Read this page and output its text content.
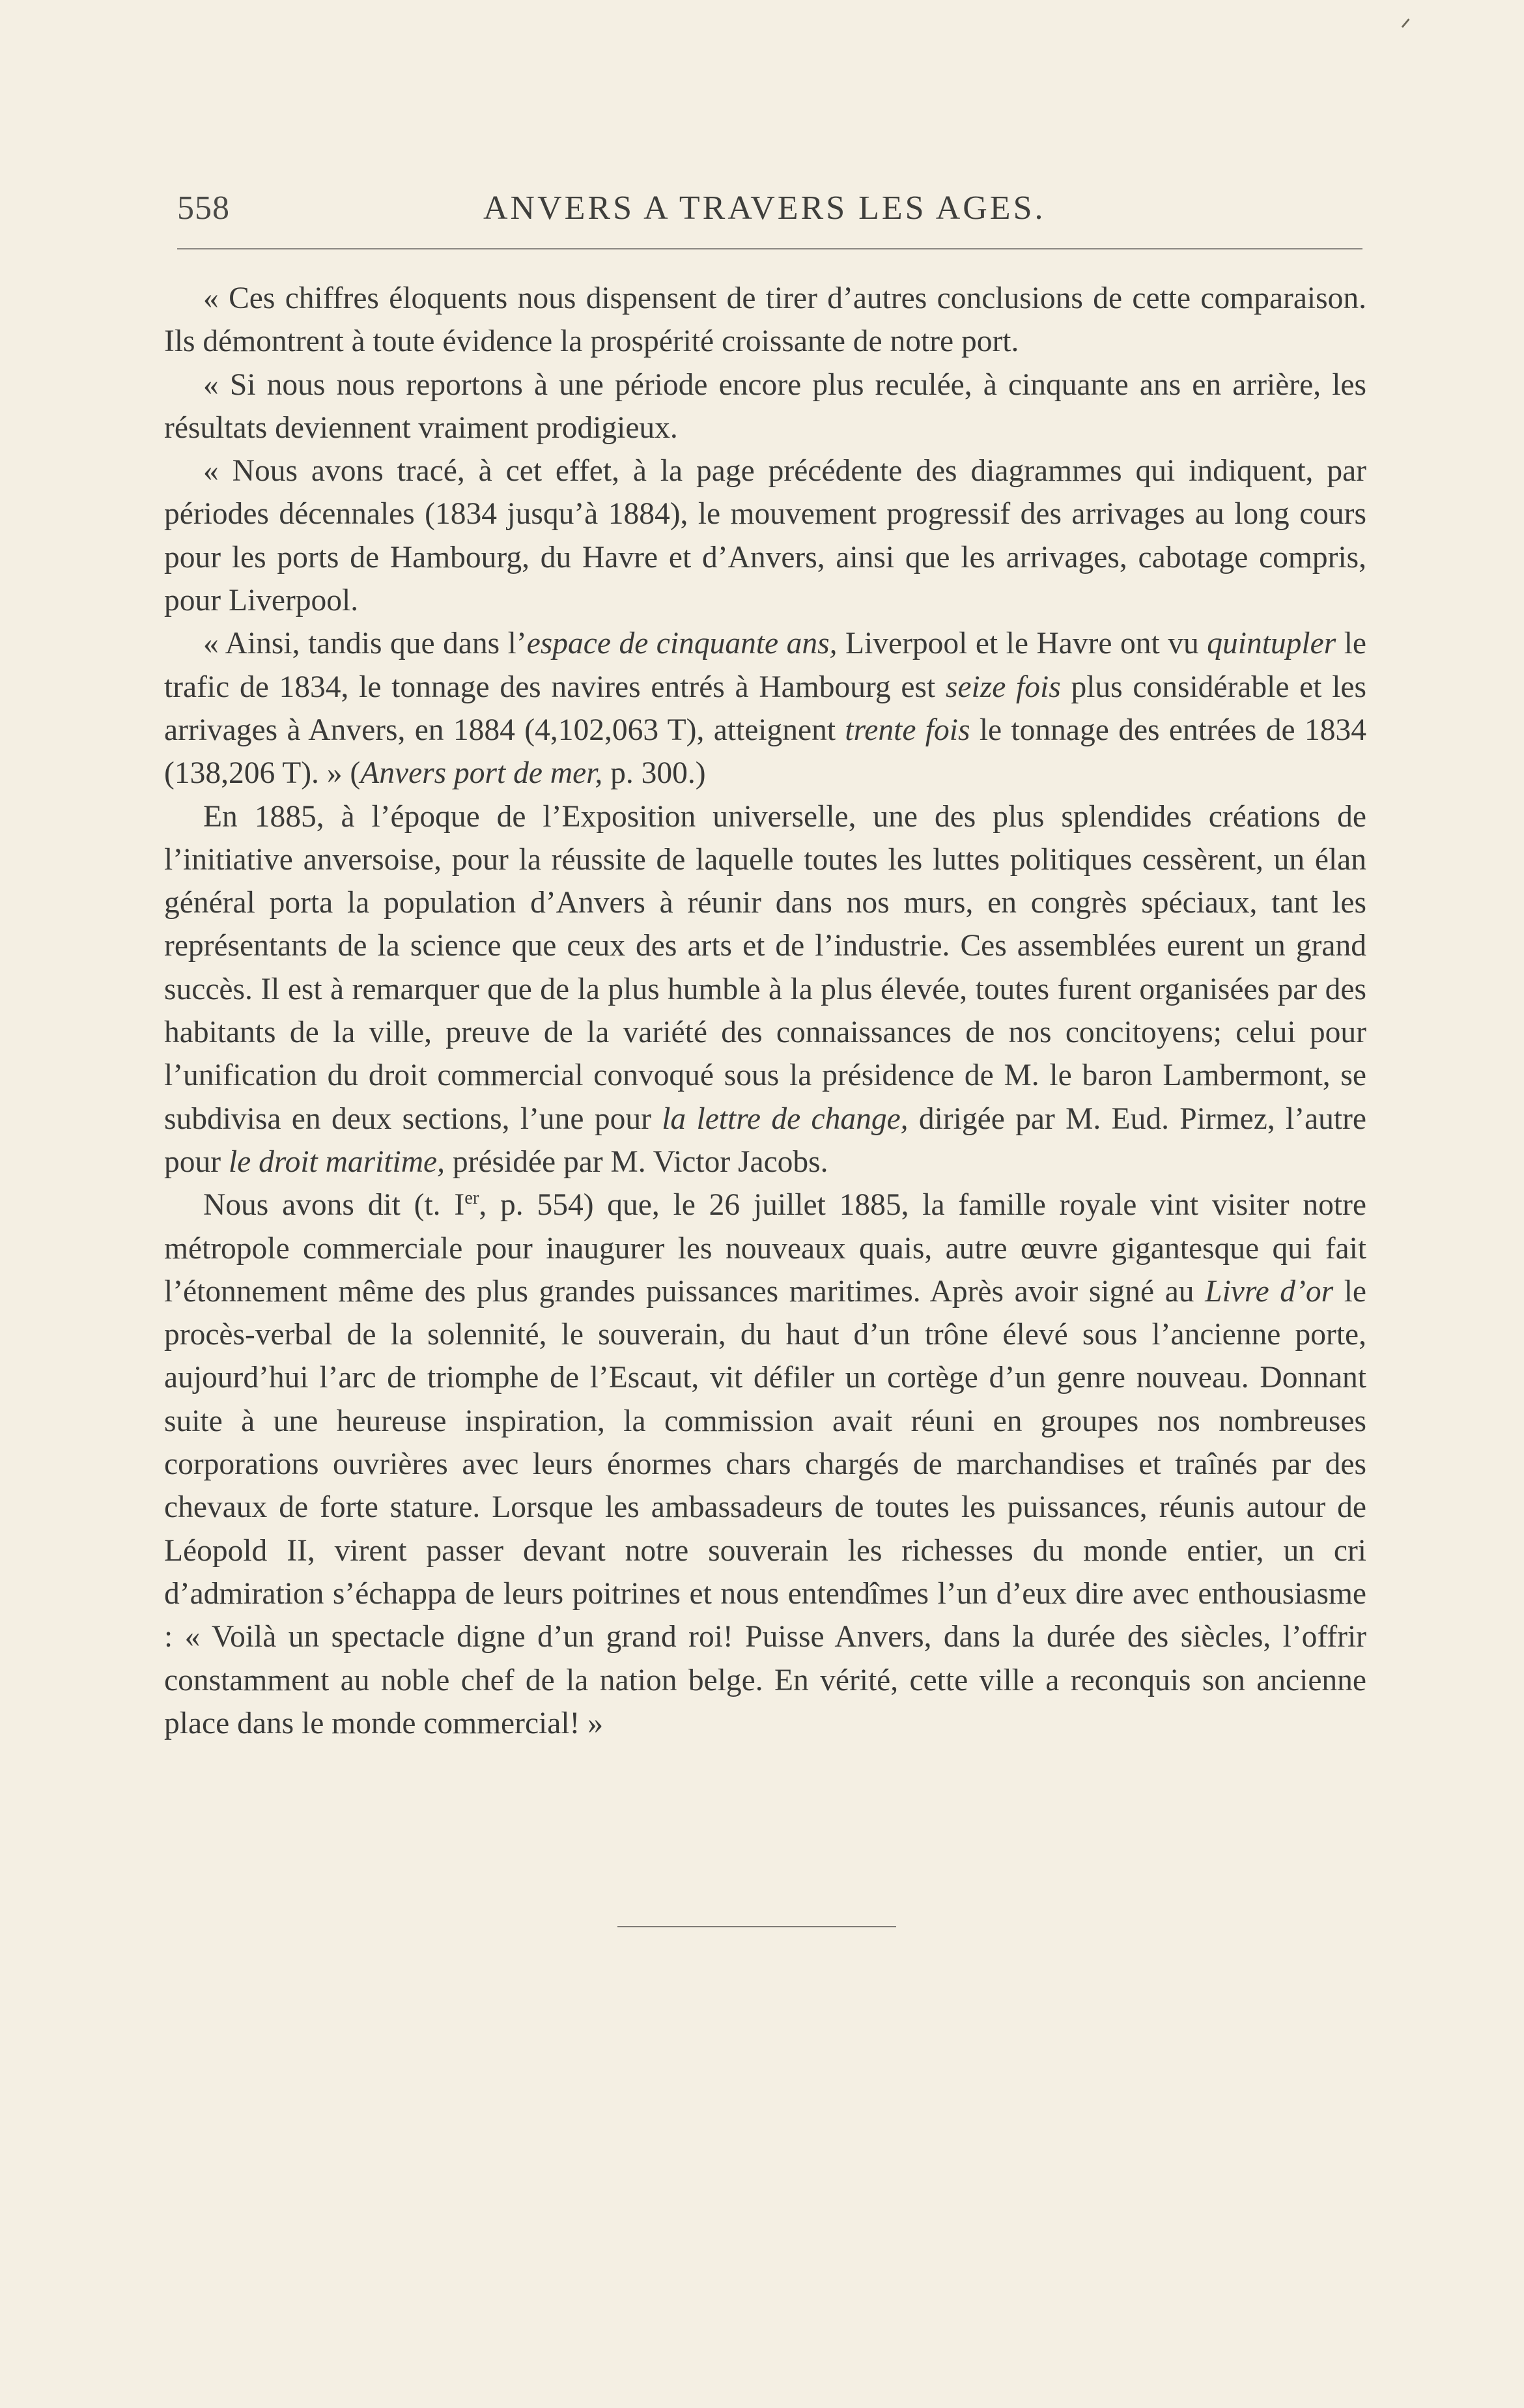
ᐟ
558	ANVERS A TRAVERS LES AGES.

« Ces chiffres éloquents nous dispensent de tirer d’autres conclusions de cette comparaison. Ils démontrent à toute évidence la prospérité croissante de notre port.

« Si nous nous reportons à une période encore plus reculée, à cinquante ans en arrière, les résultats deviennent vraiment prodigieux.

« Nous avons tracé, à cet effet, à la page précédente des diagrammes qui indiquent, par périodes décennales (1834 jusqu’à 1884), le mouvement progressif des arrivages au long cours pour les ports de Hambourg, du Havre et d’Anvers, ainsi que les arrivages, cabotage compris, pour Liverpool.

« Ainsi, tandis que dans l’espace de cinquante ans, Liverpool et le Havre ont vu quintupler le trafic de 1834, le tonnage des navires entrés à Hambourg est seize fois plus considérable et les arrivages à Anvers, en 1884 (4,102,063 T), atteignent trente fois le tonnage des entrées de 1834 (138,206 T). » (Anvers port de mer, p. 300.)

En 1885, à l’époque de l’Exposition universelle, une des plus splendides créations de l’initiative anversoise, pour la réussite de laquelle toutes les luttes politiques cessèrent, un élan général porta la population d’Anvers à réunir dans nos murs, en congrès spéciaux, tant les représentants de la science que ceux des arts et de l’industrie. Ces assemblées eurent un grand succès. Il est à remarquer que de la plus humble à la plus élevée, toutes furent organisées par des habitants de la ville, preuve de la variété des connaissances de nos concitoyens; celui pour l’unification du droit commercial convoqué sous la présidence de M. le baron Lambermont, se subdivisa en deux sections, l’une pour la lettre de change, dirigée par M. Eud. Pirmez, l’autre pour le droit maritime, présidée par M. Victor Jacobs.

Nous avons dit (t. Ier, p. 554) que, le 26 juillet 1885, la famille royale vint visiter notre métropole commerciale pour inaugurer les nouveaux quais, autre œuvre gigantesque qui fait l’étonnement même des plus grandes puissances maritimes. Après avoir signé au Livre d’or le procès-verbal de la solennité, le souverain, du haut d’un trône élevé sous l’ancienne porte, aujourd’hui l’arc de triomphe de l’Escaut, vit défiler un cortège d’un genre nouveau. Donnant suite à une heureuse inspiration, la commission avait réuni en groupes nos nombreuses corporations ouvrières avec leurs énormes chars chargés de marchandises et traînés par des chevaux de forte stature. Lorsque les ambassadeurs de toutes les puissances, réunis autour de Léopold II, virent passer devant notre souverain les richesses du monde entier, un cri d’admiration s’échappa de leurs poitrines et nous entendîmes l’un d’eux dire avec enthousiasme : « Voilà un spectacle digne d’un grand roi! Puisse Anvers, dans la durée des siècles, l’offrir constamment au noble chef de la nation belge. En vérité, cette ville a reconquis son ancienne place dans le monde commercial! »
